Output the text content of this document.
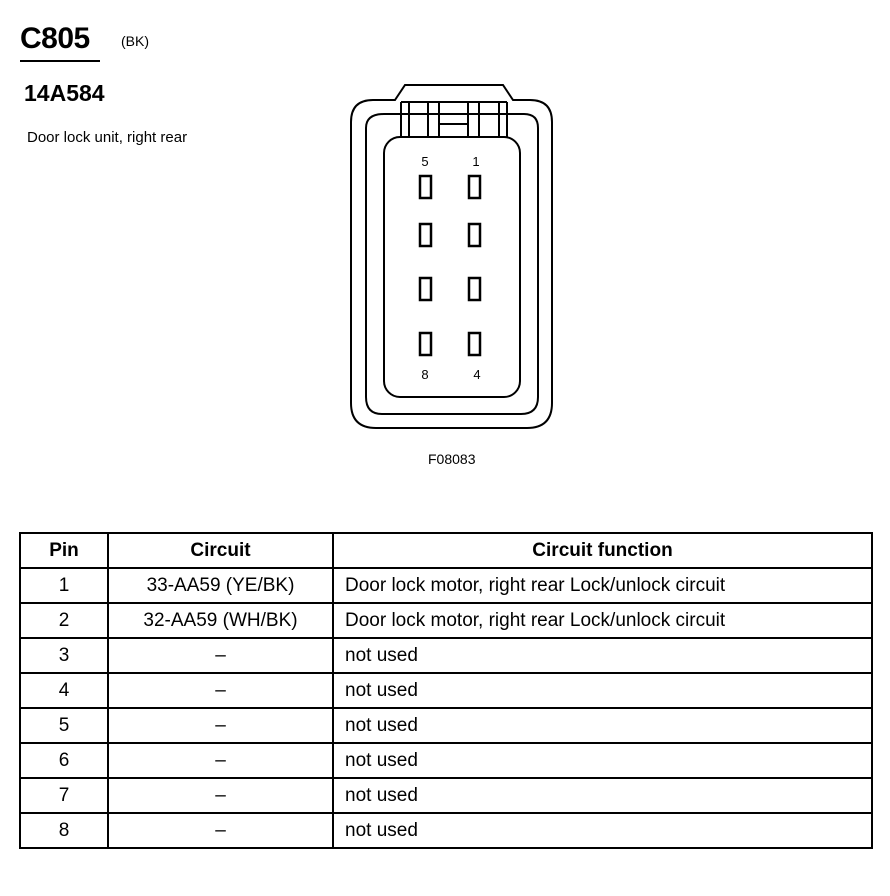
C805 (BK)
14A584
Door lock unit, right rear
5	1
8	4
F08083
Pin	Circuit	Circuit function
1	33-AA59 (YE/BK)	Door lock motor, right rear Lock/unlock circuit
2	32-AA59 (WH/BK)	Door lock motor, right rear Lock/unlock circuit
3	–	not used
4	–	not used
5	–	not used
6	–	not used
7	–	not used
8	–	not used
